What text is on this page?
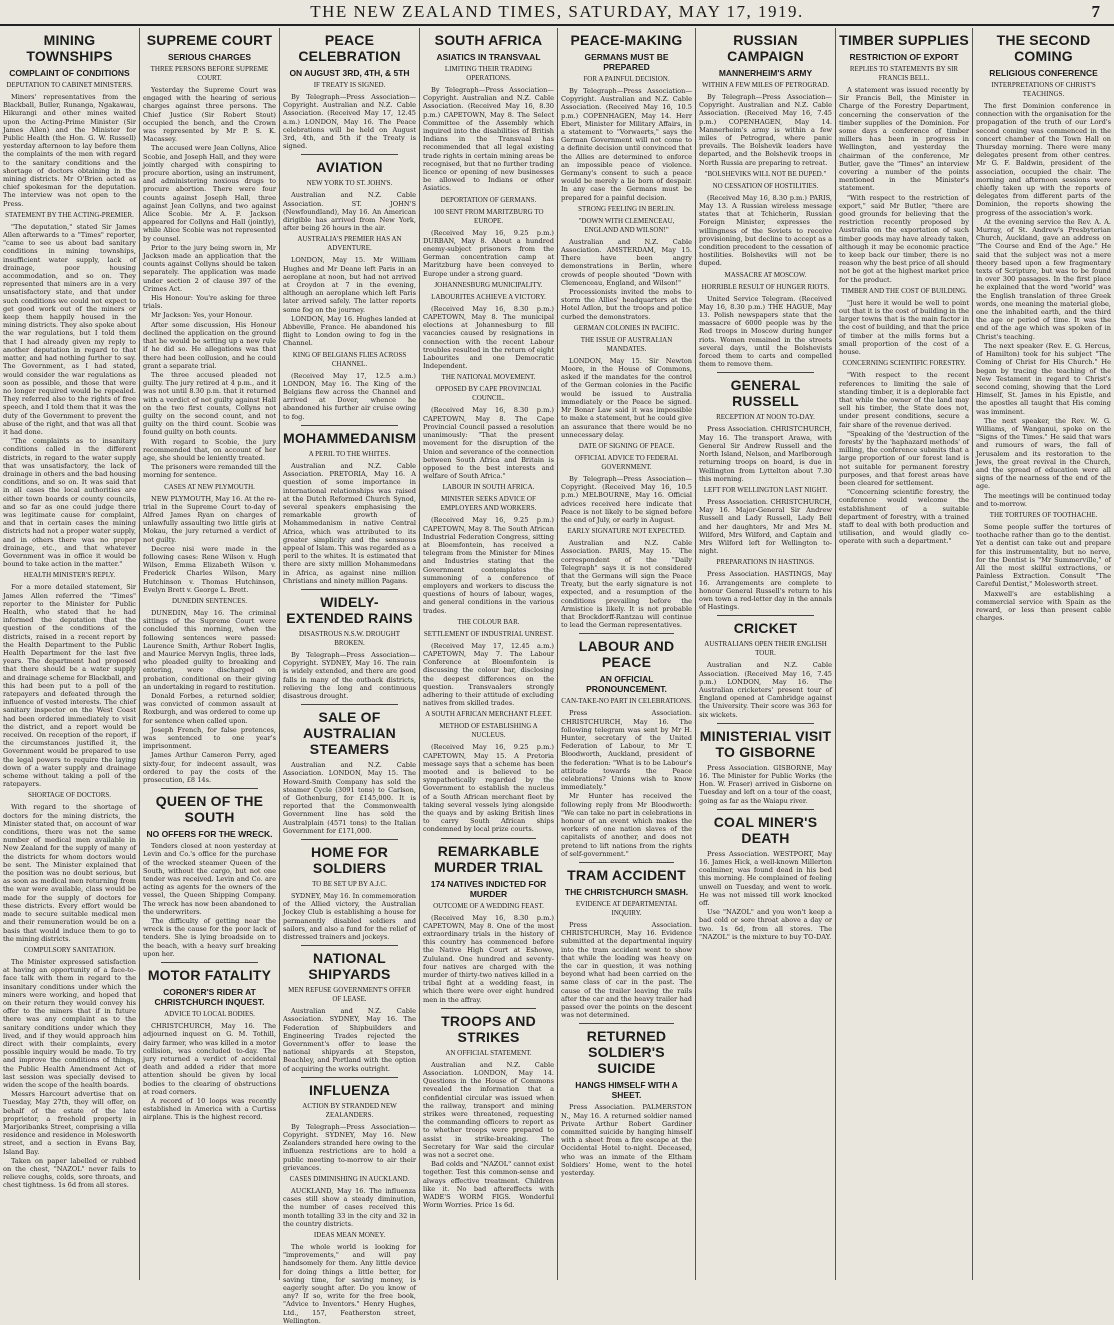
THE NEW ZEALAND TIMES, SATURDAY, MAY 17, 1919.	7
MINING TOWNSHIPS
COMPLAINT OF CONDITIONS
DEPUTATION TO CABINET MINISTERS.

Miners' representatives from the Blackball, Buller, Runanga, Ngakawau, Hikurangi and other mines waited upon the Acting-Prime Minister (Sir James Allen) and the Minister for Public Health (the Hon. G. W. Russell) yesterday afternoon to lay before them the complaints of the men with regard to the sanitary conditions and the shortage of doctors obtaining in the mining districts. Mr O'Brien acted as chief spokesman for the deputation. The interview was not open to the Press.

STATEMENT BY THE ACTING-PREMIER.

"The deputation," stated Sir James Allen afterwards to a "Times" reporter, "came to see us about bad sanitary conditions in mining townships, insufficient water supply, lack of drainage, poor housing accommodation, and so on. They represented that miners are in a very unsatisfactory state, and that under such conditions we could not expect to get good work out of the miners or keep them happily housed in the mining districts. They also spoke about the war regulations, but I told them that I had already given my reply to another deputation in regard to that matter, and had nothing further to say. The Government, as I had stated, would consider the war regulations as soon as possible, and those that were no longer required would be repealed. They referred also to the rights of free speech, and I told them that it was the duty of the Government to prevent the abuse of the right, and that was all that it had done.

"The complaints as to insanitary conditions called in the different districts, in regard to the water supply that was unsatisfactory, the lack of drainage in others and the bad housing conditions, and so on. It was said that in all cases the local authorities are either town boards or county councils, and so far as one could judge there was legitimate cause for complaint, and that in certain cases the mining districts had not a proper water supply, and in others there was no proper drainage, etc., and that whatever Government was in office it would be bound to take action in the matter."

HEALTH MINISTER'S REPLY.

For a more detailed statement, Sir James Allen referred the "Times" reporter to the Minister for Public Health, who stated that he had informed the deputation that the question of the conditions of the districts, raised in a recent report by the Health Department to the Public Health Department for the last five years. The department had proposed that there should be a water supply and drainage scheme for Blackball, and this had been put to a poll of the ratepayers and defeated through the influence of vested interests. The chief sanitary inspector on the West Coast had been ordered immediately to visit the district, and a report would be received. On reception of the report, if the circumstances justified it, the Government would be prepared to use the legal powers to require the laying down of a water supply and drainage scheme without taking a poll of the ratepayers.

SHORTAGE OF DOCTORS.

With regard to the shortage of doctors for the mining districts, the Minister stated that, on account of war conditions, there was not the same number of medical men available in New Zealand for the supply of many of the districts for whom doctors would be sent. The Minister explained that the position was no doubt serious, but as soon as medical men returning from the war were available, class would be made for the supply of doctors for these districts. Every effort would be made to secure suitable medical men and their remuneration would be on a basis that would induce them to go to the mining districts.

COMPULSORY SANITATION.

The Minister expressed satisfaction at having an opportunity of a face-to-face talk with them in regard to the insanitary conditions under which the miners were working, and hoped that on their return they would convey his offer to the miners that if in future there was any complaint as to the sanitary conditions under which they lived, and if they would approach him direct with their complaints, every possible inquiry would be made. To try and improve the conditions of things, the Public Health Amendment Act of last session was specially devised to widen the scope of the health boards.

Messrs Harcourt advertise that on Tuesday, May 27th, they will offer, on behalf of the estate of the late proprietor, a freehold property in Marjoribanks Street, comprising a villa residence and residence in Molesworth street, and a section in Evans Bay, Island Bay.

Taken on paper labelled or rubbed on the chest, "NAZOL" never fails to relieve coughs, colds, sore throats, and chest tightness. 1s 6d from all stores.

SUPREME COURT
SERIOUS CHARGES
THREE PERSONS BEFORE SUPREME COURT.

Yesterday the Supreme Court was engaged with the hearing of serious charges against three persons. The Chief Justice (Sir Robert Stout) occupied the bench, and the Crown was represented by Mr P. S. K. Macassey.

The accused were Jean Collyns, Alice Scobie, and Joseph Hall, and they were jointly charged with conspiring to procure abortion, using an instrument, and administering noxious drugs to procure abortion. There were four counts against Joseph Hall, three against Jean Collyns, and two against Alice Scobie. Mr A. F. Jackson appeared for Collyns and Hall (jointly), while Alice Scobie was not represented by counsel.

Prior to the jury being sworn in, Mr Jackson made an application that the counts against Collyns should be taken separately. The application was made under section 2 of clause 397 of the Crimes Act.

His Honour: You're asking for three trials.

Mr Jackson: Yes, your Honour.

After some discussion, His Honour declined the application on the ground that he would be setting up a new rule if he did so. He allegations was that there had been collusion, and he could grant a separate trial.

The three accused pleaded not guilty. The jury retired at 4 p.m., and it was not until 8.30 p.m. that it returned with a verdict of not guilty against Hall on the two first counts, Collyns not guilty on the second count, and not guilty on the third count. Scobie was found guilty on both counts.

With regard to Scobie, the jury recommended that, on account of her age, she should be leniently treated.

The prisoners were remanded till the morning for sentence.

CASES AT NEW PLYMOUTH.

NEW PLYMOUTH, May 16. At the re-trial in the Supreme Court to-day of Alfred James Ryan on charges of unlawfully assaulting two little girls at Mokau, the jury returned a verdict of not guilty.

Decree nisi were made in the following cases: Rene Wilson v. Hugh Wilson, Emma Elizabeth Wilson v. Frederick Charles Wilson, Mary Hutchinson v. Thomas Hutchinson, Evelyn Brett v. George L. Brett.

DUNEDIN SENTENCES.

DUNEDIN, May 16. The criminal sittings of the Supreme Court were concluded this morning, when the following sentences were passed: Laurence Smith, Arthur Robert Inglis, and Maurice Mervyn Inglis, three lads, who pleaded guilty to breaking and entering, were discharged on probation, conditional on their giving an undertaking in regard to restitution.

Donald Forbes, a returned soldier, was convicted of common assault at Roxburgh, and was ordered to come up for sentence when called upon.

Joseph French, for false pretences, was sentenced to one year's imprisonment.

James Arthur Cameron Perry, aged sixty-four, for indecent assault, was ordered to pay the costs of the prosecution, £8 14s.

QUEEN OF THE SOUTH
NO OFFERS FOR THE WRECK.

Tenders closed at noon yesterday at Levin and Co.'s office for the purchase of the wrecked steamer Queen of the South, without the cargo, but not one tender was received. Levin and Co. are acting as agents for the owners of the vessel, the Queen Shipping Company. The wreck has now been abandoned to the underwriters.

The difficulty of getting near the wreck is the cause for the poor lack of tenders. She is lying broadside on to the beach, with a heavy surf breaking upon her.

MOTOR FATALITY
CORONER'S RIDER AT CHRISTCHURCH INQUEST.
ADVICE TO LOCAL BODIES.

CHRISTCHURCH, May 16. The adjourned inquest on G. M. Tothill, dairy farmer, who was killed in a motor collision, was concluded to-day. The jury returned a verdict of accidental death and added a rider that more attention should be given by local bodies to the clearing of obstructions at road corners.

A record of 10 loops was recently established in America with a Curtiss airplane. This is the highest record.

PEACE CELEBRATION
ON AUGUST 3RD, 4TH, & 5TH
IF TREATY IS SIGNED.

By Telegraph—Press Association—Copyright. Australian and N.Z. Cable Association. (Received May 17, 12.45 a.m.) LONDON, May 16. The Peace celebrations will be held on August 3rd, 4th, and 5th if the Treaty is signed.

AVIATION
NEW YORK TO ST. JOHN'S.

Australian and N.Z. Cable Association. ST. JOHN'S (Newfoundland), May 16. An American dirigible has arrived from New York, after being 26 hours in the air.

AUSTRALIA'S PREMIER HAS AN ADVENTURE.

LONDON, May 15. Mr William Hughes and Mr Deane left Paris in an aeroplane at noon, but had not arrived at Croydon at 7 in the evening, although an aeroplane which left Paris later arrived safely. The latter reports some fog on the journey.

LONDON, May 16. Hughes landed at Abbeville, France. He abandoned his flight to London owing to fog in the Channel.

KING OF BELGIANS FLIES ACROSS CHANNEL.

(Received May 17, 12.5 a.m.) LONDON, May 16. The King of the Belgians flew across the Channel and arrived at Dover, whence he abandoned his further air cruise owing to fog.

MOHAMMEDANISM
A PERIL TO THE WHITES.

Australian and N.Z. Cable Association. PRETORIA, May 16. A question of some importance in international relationships was raised at the Dutch Reformed Church Synod, several speakers emphasising the remarkable growth of Mohammedanism in native Central Africa, which was attributed to its greater simplicity and the sensuous appeal of Islam. This was regarded as a peril to the whites. It is estimated that there are sixty million Mohammedans in Africa, as against nine million Christians and ninety million Pagans.

WIDELY-EXTENDED RAINS
DISASTROUS N.S.W. DROUGHT BROKEN.

By Telegraph—Press Association—Copyright. SYDNEY, May 16. The rain is widely extended, and there are good falls in many of the outback districts, relieving the long and continuous disastrous drought.

SALE OF AUSTRALIAN STEAMERS

Australian and N.Z. Cable Association. LONDON, May 15. The Howard-Smith Company has sold the steamer Cycle (3091 tons) to Carlson, of Gothenburg, for £145,000. It is reported that the Commonwealth Government line has sold the Australplain (4571 tons) to the Italian Government for £171,000.

HOME FOR SOLDIERS
TO BE SET UP BY A.J.C.

SYDNEY, May 16. In commemoration of the Allied victory, the Australian Jockey Club is establishing a house for permanently disabled soldiers and sailors, and also a fund for the relief of distressed trainers and jockeys.

NATIONAL SHIPYARDS
MEN REFUSE GOVERNMENT'S OFFER OF LEASE.

Australian and N.Z. Cable Association. SYDNEY, May 16. The Federation of Shipbuilders and Engineering Trades rejected the Government's offer to lease the national shipyards at Stepston, Beachley, and Portland with the option of acquiring the works outright.

INFLUENZA
ACTION BY STRANDED NEW ZEALANDERS.

By Telegraph—Press Association—Copyright. SYDNEY, May 16. New Zealanders stranded here owing to the influenza restrictions are to hold a public meeting to-morrow to air their grievances.

CASES DIMINISHING IN AUCKLAND.

AUCKLAND, May 16. The influenza cases still show a steady diminution, the number of cases received this month totalling 33 in the city and 32 in the country districts.

IDEAS MEAN MONEY.

The whole world is looking for "improvements," and will pay handsomely for them. Any little device for doing things a little better, for saving time, for saving money, is eagerly sought after. Do you know of any? If so, write for the free book, "Advice to Inventors." Henry Hughes, Ltd., 157, Featherston street, Wellington.

SOUTH AFRICA
ASIATICS IN TRANSVAAL
LIMITING THEIR TRADING OPERATIONS.

By Telegraph—Press Association—Copyright. Australian and N.Z. Cable Association. (Received May 16, 8.30 p.m.) CAPETOWN, May 8. The Select Committee of the Assembly which inquired into the disabilities of British Indians in the Transvaal has recommended that all legal existing trade rights in certain mining areas be recognised, but that no further trading licence or opening of new businesses be allowed to Indians or other Asiatics.

DEPORTATION OF GERMANS.
100 SENT FROM MARITZBURG TO EUROPE.

(Received May 16, 9.25 p.m.) DURBAN, May 8. About a hundred enemy-subject prisoners from the German concentration camp at Maritzburg have been conveyed to Europe under a strong guard.

JOHANNESBURG MUNICIPALITY.
LABOURITES ACHIEVE A VICTORY.

(Received May 16, 8.30 p.m.) CAPETOWN, May 8. The municipal elections at Johannesburg to fill vacancies caused by resignations in connection with the recent Labour troubles resulted in the return of eight Labourites and one Democratic Independent.

THE NATIONAL MOVEMENT.
OPPOSED BY CAPE PROVINCIAL COUNCIL.

(Received May 16, 8.30 p.m.) CAPETOWN, May 8. The Cape Provincial Council passed a resolution unanimously: "That the present movement for the disruption of the Union and severance of the connection between South Africa and Britain is opposed to the best interests and welfare of South Africa."

LABOUR IN SOUTH AFRICA.
MINISTER SEEKS ADVICE OF EMPLOYERS AND WORKERS.

(Received May 16, 9.25 p.m.) CAPETOWN, May 8. The South African Industrial Federation Congress, sitting at Bloemfontein, has received a telegram from the Minister for Mines and Industries stating that the Government contemplates the summoning of a conference of employers and workers to discuss the questions of hours of labour, wages, and general conditions in the various trades.

THE COLOUR BAR.
SETTLEMENT OF INDUSTRIAL UNREST.

(Received May 17, 12.45 a.m.) CAPETOWN, May 7. The Labour Conference at Bloemfontein is discussing the colour bar, disclosing the deepest differences on the question. Transvaalers strongly adhering to their attitude of excluding natives from skilled trades.

A SOUTH AFRICAN MERCHANT FLEET.
METHOD OF ESTABLISHING A NUCLEUS.

(Received May 16, 9.25 p.m.) CAPETOWN, May 15. A Pretoria message says that a scheme has been mooted and is believed to be sympathetically regarded by the Government to establish the nucleus of a South African merchant fleet by taking several vessels lying alongside the quays and by asking British lines to carry South African ships condemned by local prize courts.

REMARKABLE MURDER TRIAL
174 NATIVES INDICTED FOR MURDER
OUTCOME OF A WEDDING FEAST.

(Received May 16, 8.30 p.m.) CAPETOWN, May 8. One of the most extraordinary trials in the history of this country has commenced before the Native High Court at Eshowe, Zululand. One hundred and seventy-four natives are charged with the murder of thirty-two natives killed in a tribal fight at a wedding feast, in which there were over eight hundred men in the affray.

TROOPS AND STRIKES
AN OFFICIAL STATEMENT.

Australian and N.Z. Cable Association. LONDON, May 14. Questions in the House of Commons revealed the information that a confidential circular was issued when the railway, transport and mining strikes were threatened, requesting the commanding officers to report as to whether troops were prepared to assist in strike-breaking. The Secretary for War said the circular was not a secret one.

Bad colds and "NAZOL" cannot exist together. Test this common-sense and always effective treatment. Children like it. No bad aftereffects with WADE'S WORM FIGS. Wonderful Worm Worries. Price 1s 6d.

PEACE-MAKING
GERMANS MUST BE PREPARED
FOR A PAINFUL DECISION.

By Telegraph—Press Association—Copyright. Australian and N.Z. Cable Association. (Received May 16, 10.5 p.m.) COPENHAGEN, May 14. Herr Ebert, Minister for Military Affairs, in a statement to "Vorwaerts," says the German Government will not come to a definite decision until convinced that the Allies are determined to enforce an impossible peace of violence. Germany's consent to such a peace would be merely a lie born of despair. In any case the Germans must be prepared for a painful decision.

STRONG FEELING IN BERLIN.
"DOWN WITH CLEMENCEAU, ENGLAND AND WILSON!"

Australian and N.Z. Cable Association. AMSTERDAM, May 15. There have been angry demonstrations in Berlin, where crowds of people shouted "Down with Clemenceau, England, and Wilson!"

Processionists invited the mobs to storm the Allies' headquarters at the Hotel Adlon, but the troops and police curbed the demonstrators.

GERMAN COLONIES IN PACIFIC.
THE ISSUE OF AUSTRALIAN MANDATES.

LONDON, May 15. Sir Newton Moore, in the House of Commons, asked if the mandates for the control of the German colonies in the Pacific would be issued to Australia immediately or the Peace be signed. Mr Bonar Law said it was impossible to make a statement, but he could give an assurance that there would be no unnecessary delay.

DATE OF SIGNING OF PEACE.
OFFICIAL ADVICE TO FEDERAL GOVERNMENT.

By Telegraph—Press Association—Copyright. (Received May 16, 10.5 p.m.) MELBOURNE, May 16. Official advices received here indicate that Peace is not likely to be signed before the end of July, or early in August.

EARLY SIGNATURE NOT EXPECTED.

Australian and N.Z. Cable Association. PARIS, May 15. The correspondent of the "Daily Telegraph" says it is not considered that the Germans will sign the Peace Treaty, but the early signature is not expected, and a resumption of the conditions prevailing before the Armistice is likely. It is not probable that Brockdorff-Rantzau will continue to lead the German representatives.

LABOUR AND PEACE
AN OFFICIAL PRONOUNCEMENT.
CAN-TAKE-NO PART IN CELEBRATIONS.

Press Association. CHRISTCHURCH, May 16. The following telegram was sent by Mr H. Hunter, secretary of the United Federation of Labour, to Mr T. Bloodworth, Auckland, president of the federation: "What is to be Labour's attitude towards the Peace celebrations? Unions wish to know immediately."

Mr Hunter has received the following reply from Mr Bloodworth: "We can take no part in celebrations in honour of an event which makes the workers of one nation slaves of the capitalists of another, and does not pretend to lift nations from the rights of self-government."

TRAM ACCIDENT
THE CHRISTCHURCH SMASH.
EVIDENCE AT DEPARTMENTAL INQUIRY.

Press Association. CHRISTCHURCH, May 16. Evidence submitted at the departmental inquiry into the tram accident went to show that while the loading was heavy on the car in question, it was nothing beyond what had been carried on the same class of car in the past. The cause of the trailer leaving the rails after the car and the heavy trailer had passed over the points on the descent was not determined.

RETURNED SOLDIER'S SUICIDE
HANGS HIMSELF WITH A SHEET.

Press Association. PALMERSTON N., May 16. A returned soldier named Private Arthur Robert Gardiner committed suicide by hanging himself with a sheet from a fire escape at the Occidental Hotel to-night. Deceased, who was an inmate of the Eltham Soldiers' Home, went to the hotel yesterday.

RUSSIAN CAMPAIGN
MANNERHEIM'S ARMY
WITHIN A FEW MILES OF PETROGRAD.

By Telegraph—Press Association—Copyright. Australian and N.Z. Cable Association. (Received May 16, 7.45 p.m.) COPENHAGEN, May 14. Mannerheim's army is within a few miles of Petrograd, where panic prevails. The Bolshevik leaders have departed, and the Bolshevik troops in North Russia are preparing to retreat.

"BOLSHEVIKS WILL NOT BE DUPED."
NO CESSATION OF HOSTILITIES.

(Received May 16, 8.30 p.m.) PARIS, May 13. A Russian wireless message states that at Tchicherin, Russian Foreign Minister, expresses the willingness of the Soviets to receive provisioning, but decline to accept as a condition precedent to the cessation of hostilities. Bolsheviks will not be duped.

MASSACRE AT MOSCOW.
HORRIBLE RESULT OF HUNGER RIOTS.

United Service Telegram. (Received May 16, 8.30 p.m.) THE HAGUE, May 13. Polish newspapers state that the massacre of 6000 people was by the Red troops in Moscow during hunger riots. Women remained in the streets several days, until the Bolshevists forced them to carts and compelled them to remove them.

GENERAL RUSSELL
RECEPTION AT NOON TO-DAY.

Press Association. CHRISTCHURCH, May 16. The transport Arawa, with General Sir Andrew Russell and the North Island, Nelson, and Marlborough returning troops on board, is due in Wellington from Lyttelton about 7.30 this morning.

LEFT FOR WELLINGTON LAST NIGHT.

Press Association. CHRISTCHURCH, May 16. Major-General Sir Andrew Russell and Lady Russell, Lady Bell and her daughters, Mr and Mrs M. Wilford, Mrs Wilford, and Captain and Mrs Wilford left for Wellington to-night.

PREPARATIONS IN HASTINGS.

Press Association. HASTINGS, May 16. Arrangements are complete to honour General Russell's return to his own town a red-letter day in the annals of Hastings.

CRICKET
AUSTRALIANS OPEN THEIR ENGLISH TOUR.

Australian and N.Z. Cable Association. (Received May 16, 7.45 p.m.) LONDON, May 16. The Australian cricketers' present tour of England opened at Cambridge against the University. Their score was 363 for six wickets.

MINISTERIAL VISIT TO GISBORNE

Press Association. GISBORNE, May 16. The Minister for Public Works (the Hon. W. Fraser) arrived in Gisborne on Tuesday and left on a tour of the coast, going as far as the Waiapu river.

COAL MINER'S DEATH

Press Association. WESTPORT, May 16. James Hick, a well-known Millerton coalminer, was found dead in his bed this morning. He complained of feeling unwell on Tuesday, and went to work. He was not missed till work knocked off.

Use "NAZOL" and you won't keep a bad cold or sore throat above a day or two. 1s 6d, from all stores. The "NAZOL" is the mixture to buy TO-DAY.

TIMBER SUPPLIES
RESTRICTION OF EXPORT
REPLIES TO STATEMENTS BY SIR FRANCIS BELL.

A statement was issued recently by Sir Francis Bell, the Minister in Charge of the Forestry Department, concerning the conservation of the timber supplies of the Dominion. For some days a conference of timber millers has been in progress in Wellington, and yesterday the chairman of the conference, Mr Butler, gave the "Times" an interview covering a number of the points mentioned in the Minister's statement.

"With respect to the restriction of export," said Mr Butler, "there are good grounds for believing that the restriction recently proposed by Australia on the exportation of such timber goods may have already taken, although it may be economic practice to keep back our timber, there is no reason why the best price of all should not be got at the highest market price for the product.

TIMBER AND THE COST OF BUILDING.

"Just here it would be well to point out that it is the cost of building in the larger towns that is the main factor in the cost of building, and that the price of timber at the mills forms but a small proportion of the cost of a house.

CONCERNING SCIENTIFIC FORESTRY.

"With respect to the recent references to limiting the sale of standing timber, it is a deplorable fact that while the owner of the land may sell his timber, the State does not, under present conditions, secure a fair share of the revenue derived.

"Speaking of the 'destruction of the forests' by the 'haphazard methods' of milling, the conference submits that a large proportion of our forest land is not suitable for permanent forestry purposes, and that forest areas have been cleared for settlement.

"Concerning scientific forestry, the conference would welcome the establishment of a suitable department of forestry, with a trained staff to deal with both production and utilisation, and would gladly co-operate with such a department."

THE SECOND COMING
RELIGIOUS CONFERENCE
INTERPRETATIONS OF CHRIST'S TEACHINGS.

The first Dominion conference in connection with the organisation for the propagation of the truth of our Lord's second coming was commenced in the concert chamber of the Town Hall on Thursday morning. There were many delegates present from other centres. Mr G. F. Baldwin, president of the association, occupied the chair. The morning and afternoon sessions were chiefly taken up with the reports of delegates from different parts of the Dominion, the reports showing the progress of the association's work.

At the evening service the Rev. A. A. Murray, of St. Andrew's Presbyterian Church, Auckland, gave an address on "The Course and End of the Age." He said that the subject was not a mere theory based upon a few fragmentary texts of Scripture, but was to be found in over 300 passages. In the first place he explained that the word "world" was the English translation of three Greek words, one meaning the material globe, one the inhabited earth, and the third the age or period of time. It was the end of the age which was spoken of in Christ's teaching.

The next speaker (Rev. E. G. Hercus, of Hamilton) took for his subject "The Coming of Christ for His Church." He began by tracing the teaching of the New Testament in regard to Christ's second coming, showing that the Lord Himself, St. James in his Epistle, and the apostles all taught that His coming was imminent.

The next speaker, the Rev. W. G. Williams, of Wanganui, spoke on the "Signs of the Times." He said that wars and rumours of wars, the fall of Jerusalem and its restoration to the Jews, the great revival in the Church, and the spread of education were all signs of the nearness of the end of the age.

The meetings will be continued today and to-morrow.

THE TORTURES OF TOOTHACHE.

Some people suffer the tortures of toothache rather than go to the dentist. Yet a dentist can take out and prepare for this instrumentality, but no nerve, for the Dentist is "Mr Summerville," of All the most skilful extractions, or Painless Extraction. Consult "The Careful Dentist," Molesworth street.

Maxwell's are establishing a commercial service with Spain as the reward, or less than present cable charges.
